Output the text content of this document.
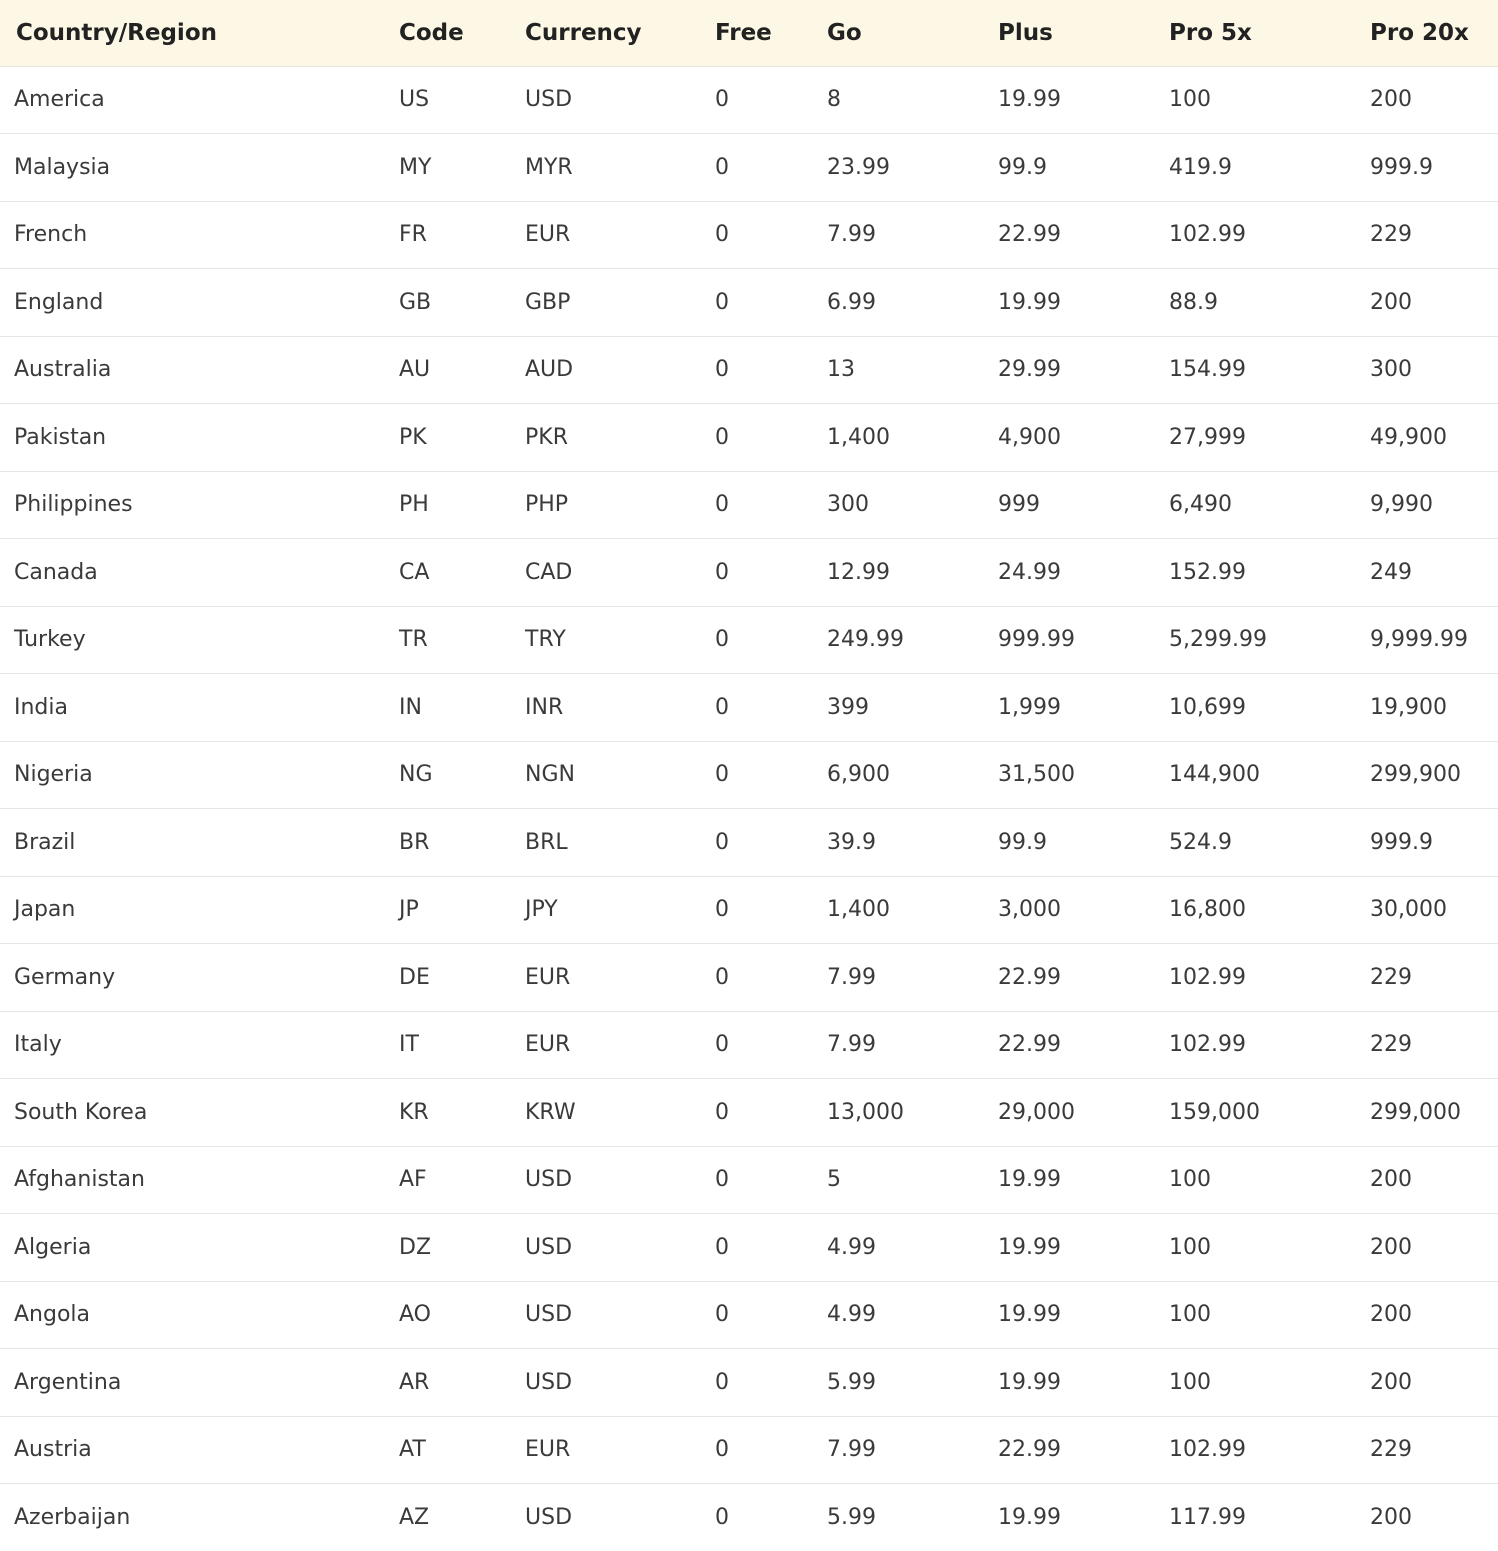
Country/Region	Code	Currency	Free	Go	Plus	Pro 5x	Pro 20x
America	US	USD	0	8	19.99	100	200
Malaysia	MY	MYR	0	23.99	99.9	419.9	999.9
French	FR	EUR	0	7.99	22.99	102.99	229
England	GB	GBP	0	6.99	19.99	88.9	200
Australia	AU	AUD	0	13	29.99	154.99	300
Pakistan	PK	PKR	0	1,400	4,900	27,999	49,900
Philippines	PH	PHP	0	300	999	6,490	9,990
Canada	CA	CAD	0	12.99	24.99	152.99	249
Turkey	TR	TRY	0	249.99	999.99	5,299.99	9,999.99
India	IN	INR	0	399	1,999	10,699	19,900
Nigeria	NG	NGN	0	6,900	31,500	144,900	299,900
Brazil	BR	BRL	0	39.9	99.9	524.9	999.9
Japan	JP	JPY	0	1,400	3,000	16,800	30,000
Germany	DE	EUR	0	7.99	22.99	102.99	229
Italy	IT	EUR	0	7.99	22.99	102.99	229
South Korea	KR	KRW	0	13,000	29,000	159,000	299,000
Afghanistan	AF	USD	0	5	19.99	100	200
Algeria	DZ	USD	0	4.99	19.99	100	200
Angola	AO	USD	0	4.99	19.99	100	200
Argentina	AR	USD	0	5.99	19.99	100	200
Austria	AT	EUR	0	7.99	22.99	102.99	229
Azerbaijan	AZ	USD	0	5.99	19.99	117.99	200
